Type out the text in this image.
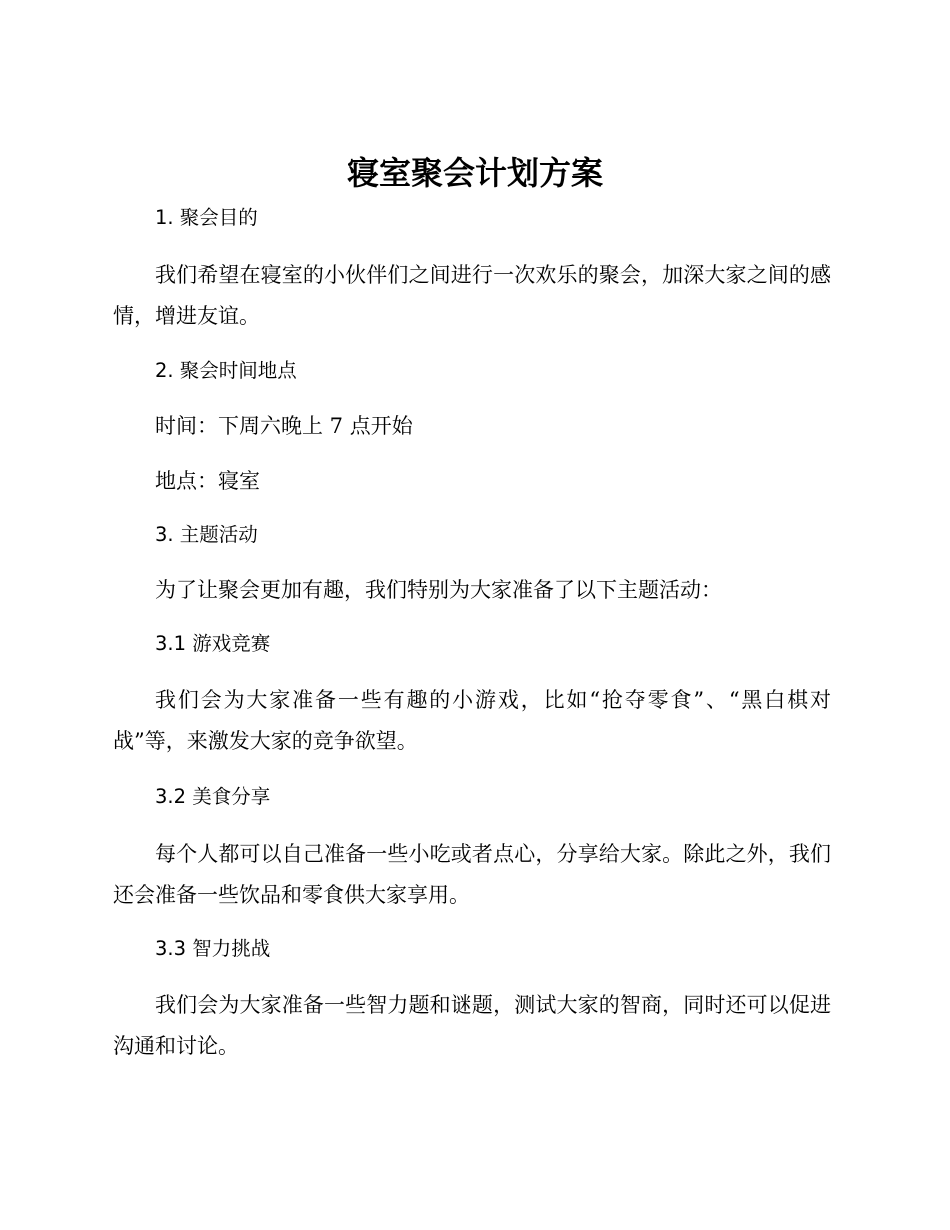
寝室聚会计划方案
1. 聚会目的

我们希望在寝室的小伙伴们之间进行一次欢乐的聚会，加深大家之间的感情，增进友谊。

2. 聚会时间地点

时间：下周六晚上 7 点开始

地点：寝室

3. 主题活动

为了让聚会更加有趣，我们特别为大家准备了以下主题活动：

3.1 游戏竞赛

我们会为大家准备一些有趣的小游戏，比如“抢夺零食”、“黑白棋对战”等，来激发大家的竞争欲望。

3.2 美食分享

每个人都可以自己准备一些小吃或者点心，分享给大家。除此之外，我们还会准备一些饮品和零食供大家享用。

3.3 智力挑战

我们会为大家准备一些智力题和谜题，测试大家的智商，同时还可以促进沟通和讨论。
